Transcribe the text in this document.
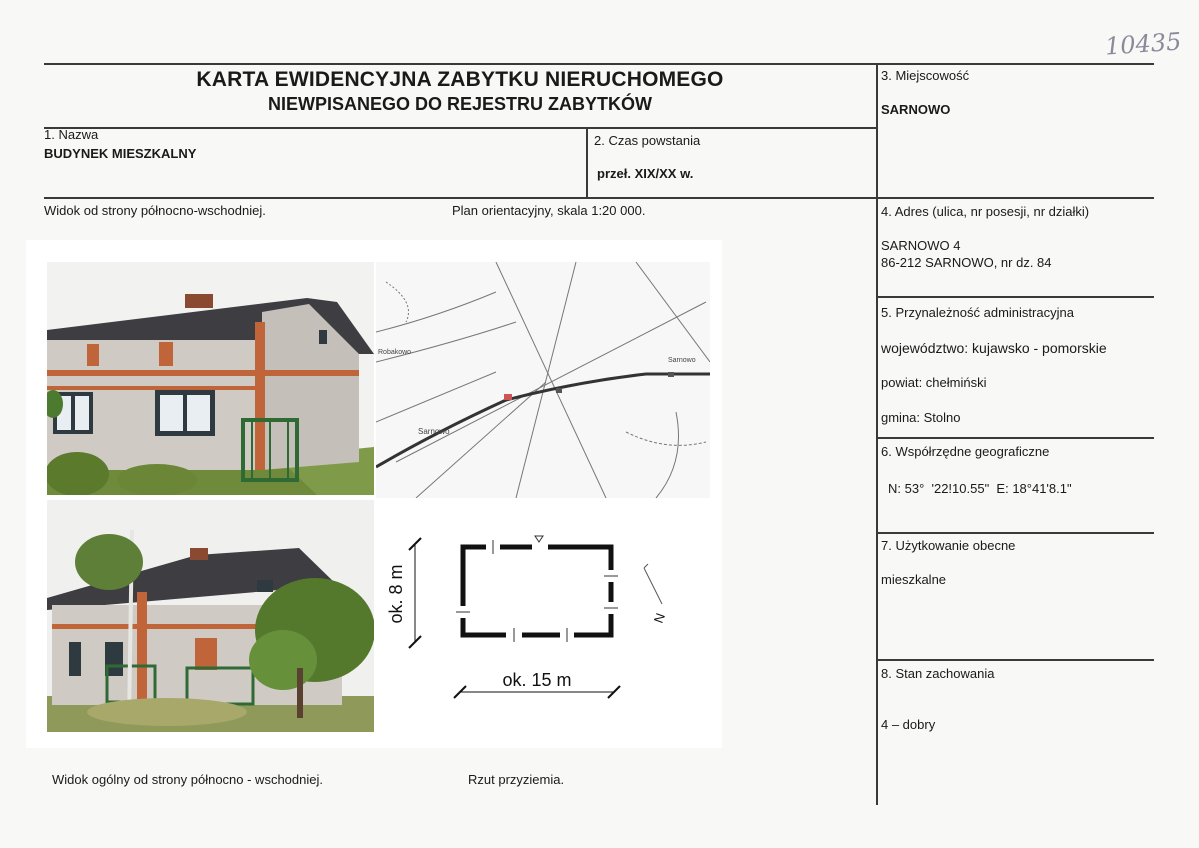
10435
KARTA EWIDENCYJNA ZABYTKU NIERUCHOMEGO
NIEWPISANEGO DO REJESTRU ZABYTKÓW
1. Nazwa
BUDYNEK MIESZKALNY
2. Czas powstania
przeł. XIX/XX w.
3. Miejscowość
SARNOWO
4. Adres (ulica, nr posesji, nr działki)
SARNOWO 4
86-212 SARNOWO, nr dz. 84
5. Przynależność administracyjna
województwo: kujawsko - pomorskie
powiat: chełmiński
gmina: Stolno
6. Współrzędne geograficzne
N: 53°  '22!10.55"  E: 18°41'8.1"
7. Użytkowanie obecne
mieszkalne
8. Stan zachowania
4 – dobry
Widok od strony północno-wschodniej.	Plan orientacyjny, skala 1:20 000.
Widok ogólny od strony północno - wschodniej.	Rzut przyziemia.
Sarnowo
Sarnowo
Robakowo
ok. 8 m
ok. 15 m
N
